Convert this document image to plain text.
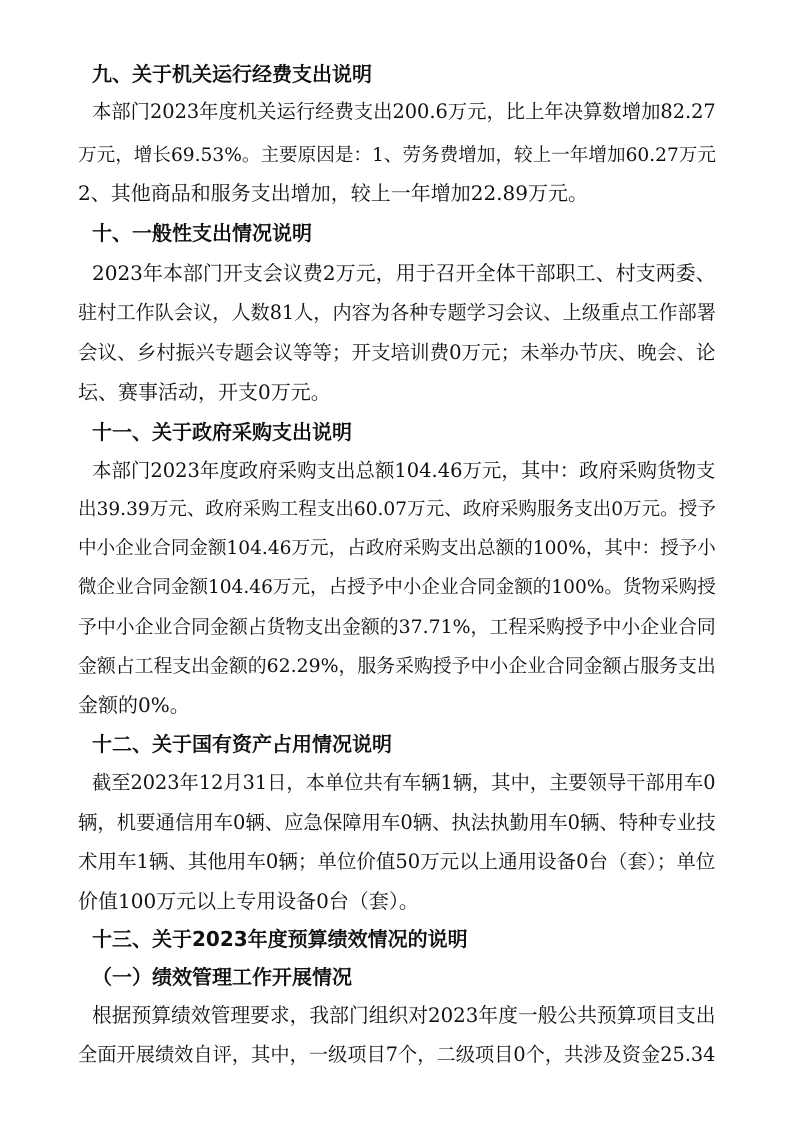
九、关于机关运行经费支出说明
本部门2023年度机关运行经费支出200.6万元，比上年决算数增加82.27
万元，增长69.53%。主要原因是：1、劳务费增加，较上一年增加60.27万元
2、其他商品和服务支出增加，较上一年增加22.89万元。
十、一般性支出情况说明
2023年本部门开支会议费2万元，用于召开全体干部职工、村支两委、
驻村工作队会议，人数81人，内容为各种专题学习会议、上级重点工作部署
会议、乡村振兴专题会议等等；开支培训费0万元；未举办节庆、晚会、论
坛、赛事活动，开支0万元。
十一、关于政府采购支出说明
本部门2023年度政府采购支出总额104.46万元，其中：政府采购货物支
出39.39万元、政府采购工程支出60.07万元、政府采购服务支出0万元。授予
中小企业合同金额104.46万元，占政府采购支出总额的100%，其中：授予小
微企业合同金额104.46万元，占授予中小企业合同金额的100%。货物采购授
予中小企业合同金额占货物支出金额的37.71%，工程采购授予中小企业合同
金额占工程支出金额的62.29%，服务采购授予中小企业合同金额占服务支出
金额的0%。
十二、关于国有资产占用情况说明
截至2023年12月31日，本单位共有车辆1辆，其中，主要领导干部用车0
辆，机要通信用车0辆、应急保障用车0辆、执法执勤用车0辆、特种专业技
术用车1辆、其他用车0辆；单位价值50万元以上通用设备0台（套）；单位
价值100万元以上专用设备0台（套）。
十三、关于2023年度预算绩效情况的说明
（一）绩效管理工作开展情况
根据预算绩效管理要求，我部门组织对2023年度一般公共预算项目支出
全面开展绩效自评，其中，一级项目7个，二级项目0个，共涉及资金25.34
